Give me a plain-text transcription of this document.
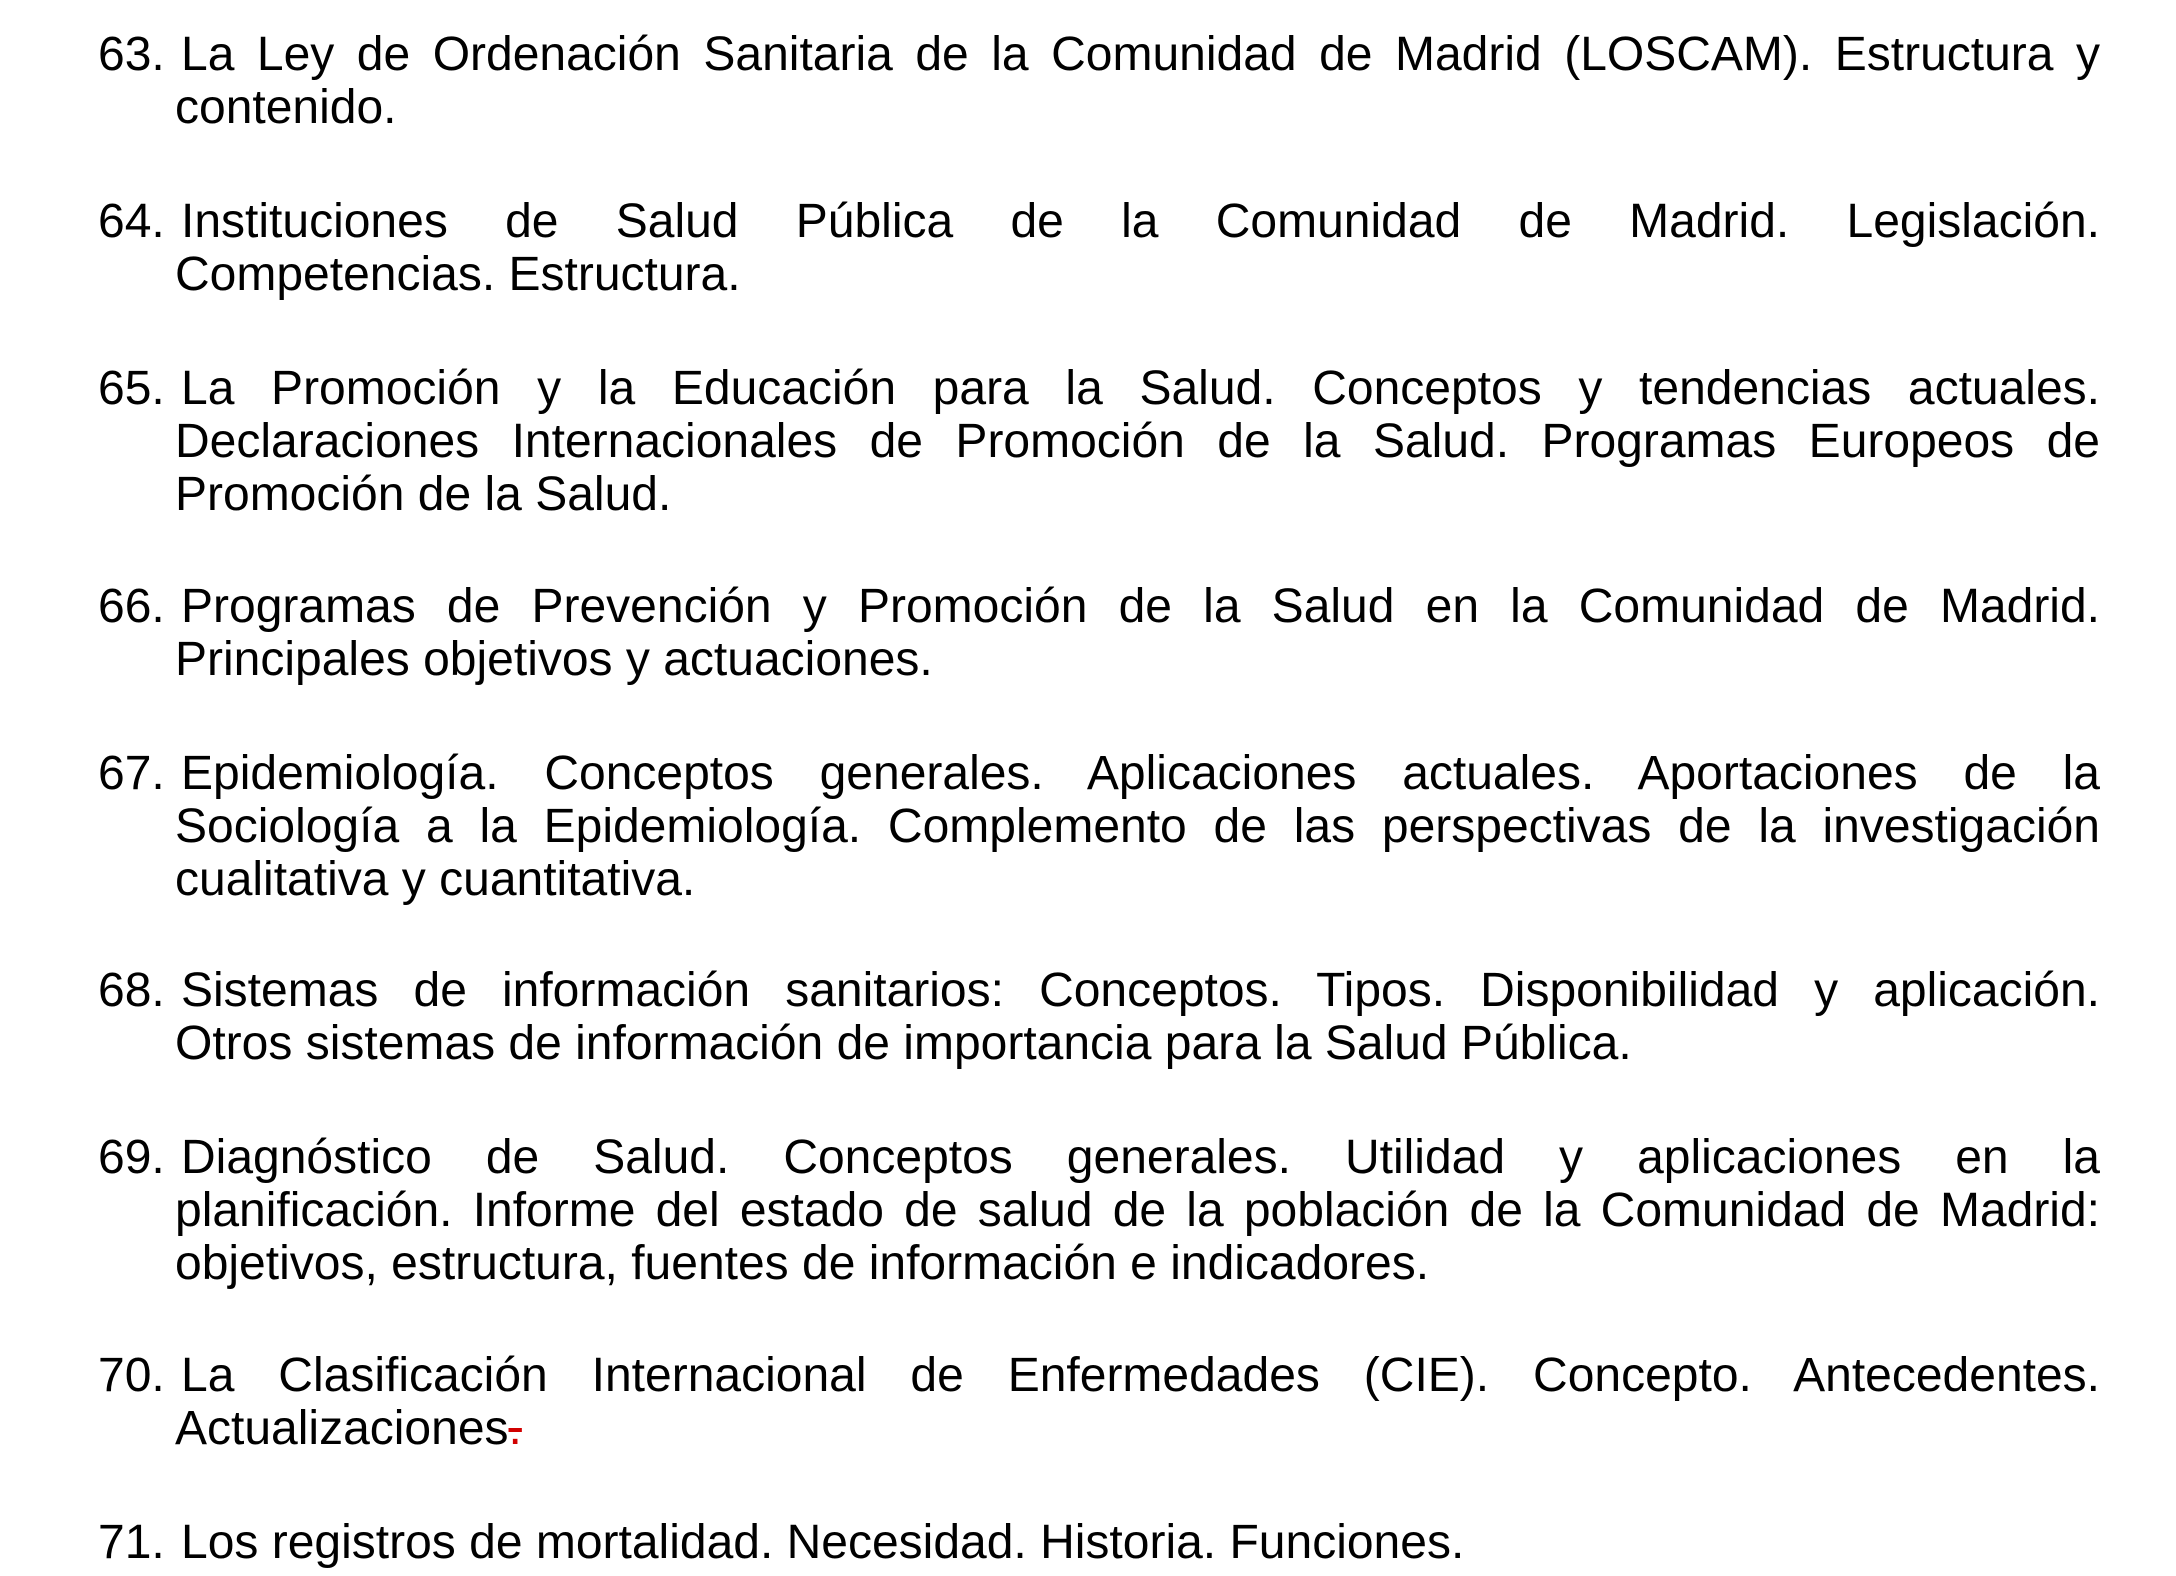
63. La Ley de Ordenación Sanitaria de la Comunidad de Madrid (LOSCAM). Estructura y
contenido.
64. Instituciones de Salud Pública de la Comunidad de Madrid. Legislación.
Competencias. Estructura.
65. La Promoción y la Educación para la Salud. Conceptos y tendencias actuales.
Declaraciones Internacionales de Promoción de la Salud. Programas Europeos de
Promoción de la Salud.
66. Programas de Prevención y Promoción de la Salud en la Comunidad de Madrid.
Principales objetivos y actuaciones.
67. Epidemiología. Conceptos generales. Aplicaciones actuales. Aportaciones de la
Sociología a la Epidemiología. Complemento de las perspectivas de la investigación
cualitativa y cuantitativa.
68. Sistemas de información sanitarios: Conceptos. Tipos. Disponibilidad y aplicación.
Otros sistemas de información de importancia para la Salud Pública.
69. Diagnóstico de Salud. Conceptos generales. Utilidad y aplicaciones en la
planificación. Informe del estado de salud de la población de la Comunidad de Madrid:
objetivos, estructura, fuentes de información e indicadores.
70. La Clasificación Internacional de Enfermedades (CIE). Concepto. Antecedentes.
Actualizaciones.
71. Los registros de mortalidad. Necesidad. Historia. Funciones.
